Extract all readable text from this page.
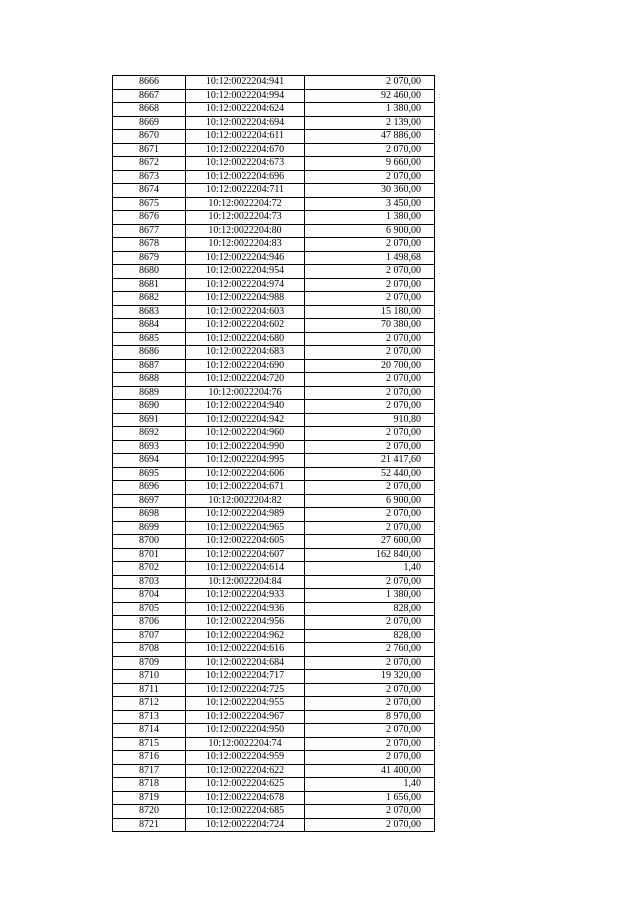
8666	10:12:0022204:941	2 070,00
8667	10:12:0022204:994	92 460,00
8668	10:12:0022204:624	1 380,00
8669	10:12:0022204:694	2 139,00
8670	10:12:0022204:611	47 886,00
8671	10:12:0022204:670	2 070,00
8672	10:12:0022204:673	9 660,00
8673	10:12:0022204:696	2 070,00
8674	10:12:0022204:711	30 360,00
8675	10:12:0022204:72	3 450,00
8676	10:12:0022204:73	1 380,00
8677	10:12:0022204:80	6 900,00
8678	10:12:0022204:83	2 070,00
8679	10:12:0022204:946	1 498,68
8680	10:12:0022204:954	2 070,00
8681	10:12:0022204:974	2 070,00
8682	10:12:0022204:988	2 070,00
8683	10:12:0022204:603	15 180,00
8684	10:12:0022204:602	70 380,00
8685	10:12:0022204:680	2 070,00
8686	10:12:0022204:683	2 070,00
8687	10:12:0022204:690	20 700,00
8688	10:12:0022204:720	2 070,00
8689	10:12:0022204:76	2 070,00
8690	10:12:0022204:940	2 070,00
8691	10:12:0022204:942	910,80
8692	10:12:0022204:960	2 070,00
8693	10:12:0022204:990	2 070,00
8694	10:12:0022204:995	21 417,60
8695	10:12:0022204:606	52 440,00
8696	10:12:0022204:671	2 070,00
8697	10:12:0022204:82	6 900,00
8698	10:12:0022204:989	2 070,00
8699	10:12:0022204:965	2 070,00
8700	10:12:0022204:605	27 600,00
8701	10:12:0022204:607	162 840,00
8702	10:12:0022204:614	1,40
8703	10:12:0022204:84	2 070,00
8704	10:12:0022204:933	1 380,00
8705	10:12:0022204:936	828,00
8706	10:12:0022204:956	2 070,00
8707	10:12:0022204:962	828,00
8708	10:12:0022204:616	2 760,00
8709	10:12:0022204:684	2 070,00
8710	10:12:0022204:717	19 320,00
8711	10:12:0022204:725	2 070,00
8712	10:12:0022204:955	2 070,00
8713	10:12:0022204:967	8 970,00
8714	10:12:0022204:950	2 070,00
8715	10:12:0022204:74	2 070,00
8716	10:12:0022204:959	2 070,00
8717	10:12:0022204:622	41 400,00
8718	10:12:0022204:625	1,40
8719	10:12:0022204:678	1 656,00
8720	10:12:0022204:685	2 070,00
8721	10:12:0022204:724	2 070,00
